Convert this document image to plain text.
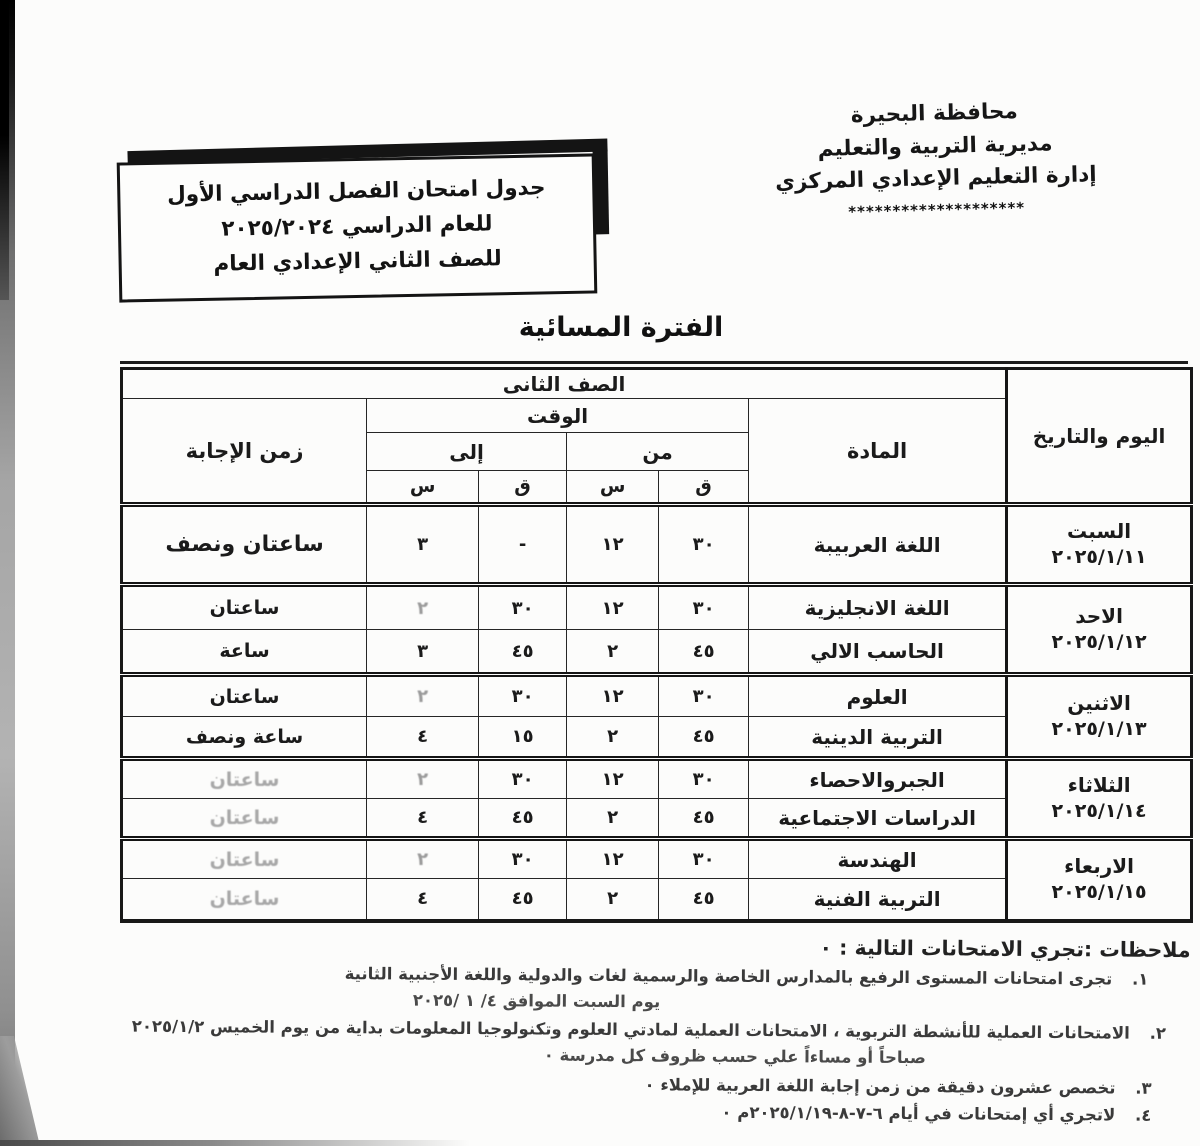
محافظة البحيرة
مديرية التربية والتعليم
إدارة التعليم الإعدادي المركزي
********************
جدول امتحان الفصل الدراسي الأول
للعام الدراسي ٢٠٢٥/٢٠٢٤
للصف الثاني الإعدادي العام
الفترة المسائية
اليوم والتاريخ	الصف الثانى					
	المادة	الوقت				زمن الإجابة
		من		إلى		
		ق	س	ق	س	

السبت
٢٠٢٥/١/١١	اللغة العربيبة	٣٠	١٢	-	٣	ساعتان ونصف

الاحد
٢٠٢٥/١/١٢	اللغة الانجليزية	٣٠	١٢	٣٠	٢	ساعتان
	الحاسب الالي	٤٥	٢	٤٥	٣	ساعة

الاثنين
٢٠٢٥/١/١٣	العلوم	٣٠	١٢	٣٠	٢	ساعتان
	التربية الدينية	٤٥	٢	١٥	٤	ساعة ونصف

الثلاثاء
٢٠٢٥/١/١٤	الجبروالاحصاء	٣٠	١٢	٣٠	٢	ساعتان
	الدراسات الاجتماعية	٤٥	٢	٤٥	٤	ساعتان

الاربعاء
٢٠٢٥/١/١٥	الهندسة	٣٠	١٢	٣٠	٢	ساعتان
	التربية الفنية	٤٥	٢	٤٥	٤	ساعتان
ملاحظات :تجري الامتحانات التالية : ٠
١. تجرى امتحانات المستوى الرفيع بالمدارس الخاصة والرسمية لغات والدولية واللغة الأجنبية الثانية
يوم السبت الموافق ٤/ ١ /٢٠٢٥
٢. الامتحانات العملية للأنشطة التربوية ، الامتحانات العملية لمادتي العلوم وتكنولوجيا المعلومات بداية من يوم الخميس ٢٠٢٥/١/٢
صباحاً أو مساءاً علي حسب ظروف كل مدرسة ٠
٣. تخصص عشرون دقيقة من زمن إجابة اللغة العربية للإملاء ٠
٤. لاتجري أي إمتحانات في أيام ٦-٧-٨-٢٠٢٥/١/١٩م ٠
